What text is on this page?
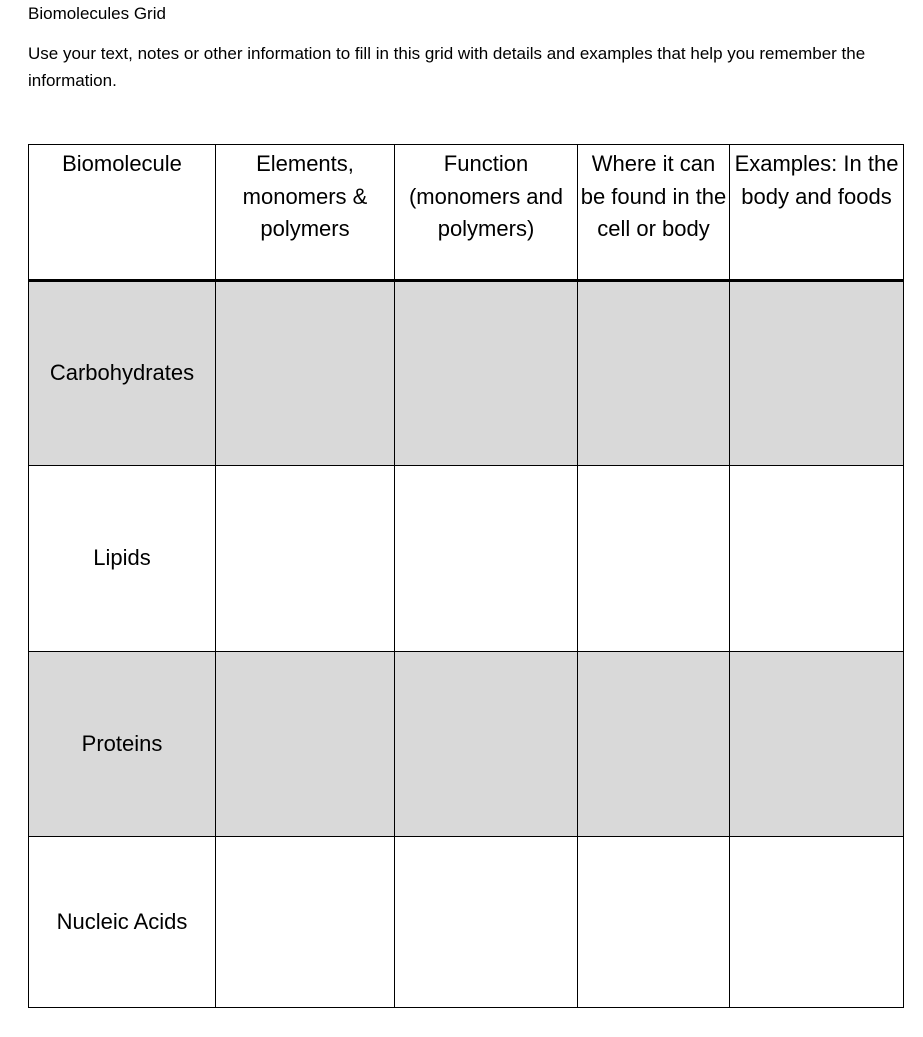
Biomolecules Grid

Use your text, notes or other information to fill in this grid with details and examples that help you remember the information.

Biomolecule	Elements, monomers & polymers	Function (monomers and polymers)	Where it can be found in the cell or body	Examples: In the body and foods
Carbohydrates				
Lipids				
Proteins				
Nucleic Acids				
